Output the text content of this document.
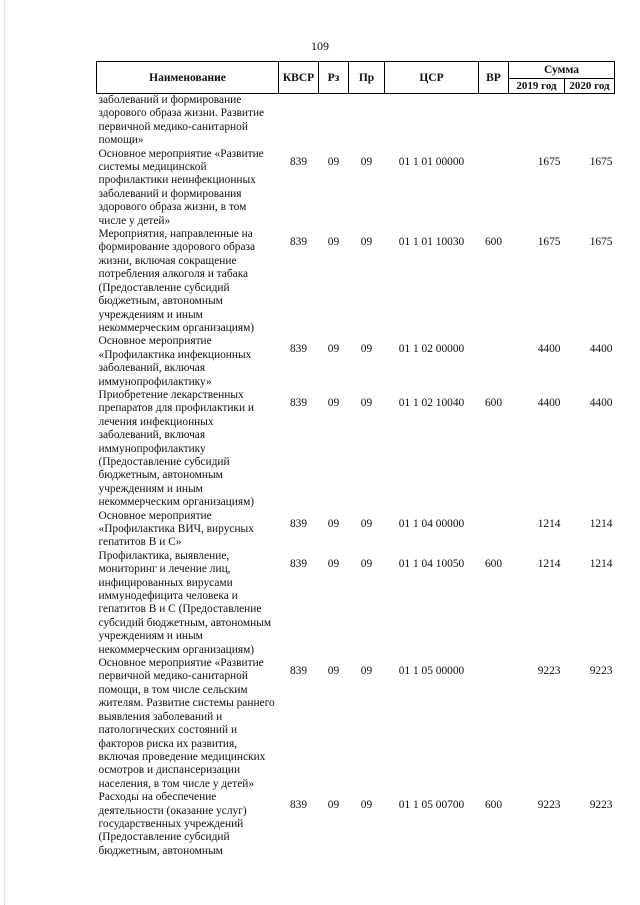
109
Наименование	КВСР	Рз	Пр	ЦСР	ВР	Сумма	
						2019 год	2020 год
заболеваний и формирование здорового образа жизни. Развитие первичной медико-санитарной помощи»							
Основное мероприятие «Развитие системы медицинской профилактики неинфекционных заболеваний и формирования здорового образа жизни, в том числе у детей»	839	09	09	01 1 01 00000		1675	1675
Мероприятия, направленные на формирование здорового образа жизни, включая сокращение потребления алкоголя и табака (Предоставление субсидий бюджетным, автономным учреждениям и иным некоммерческим организациям)	839	09	09	01 1 01 10030	600	1675	1675
Основное мероприятие «Профилактика инфекционных заболеваний, включая иммунопрофилактику»	839	09	09	01 1 02 00000		4400	4400
Приобретение лекарственных препаратов для профилактики и лечения инфекционных заболеваний, включая иммунопрофилактику (Предоставление субсидий бюджетным, автономным учреждениям и иным некоммерческим организациям)	839	09	09	01 1 02 10040	600	4400	4400
Основное мероприятие «Профилактика ВИЧ, вирусных гепатитов В и С»	839	09	09	01 1 04 00000		1214	1214
Профилактика, выявление, мониторинг и лечение лиц, инфицированных вирусами иммунодефицита человека и гепатитов В и С (Предоставление субсидий бюджетным, автономным учреждениям и иным некоммерческим организациям)	839	09	09	01 1 04 10050	600	1214	1214
Основное мероприятие «Развитие первичной медико-санитарной помощи, в том числе сельским жителям. Развитие системы раннего выявления заболеваний и патологических состояний и факторов риска их развития, включая проведение медицинских осмотров и диспансеризации населения, в том числе у детей»	839	09	09	01 1 05 00000		9223	9223
Расходы на обеспечение деятельности (оказание услуг) государственных учреждений (Предоставление субсидий бюджетным, автономным	839	09	09	01 1 05 00700	600	9223	9223
